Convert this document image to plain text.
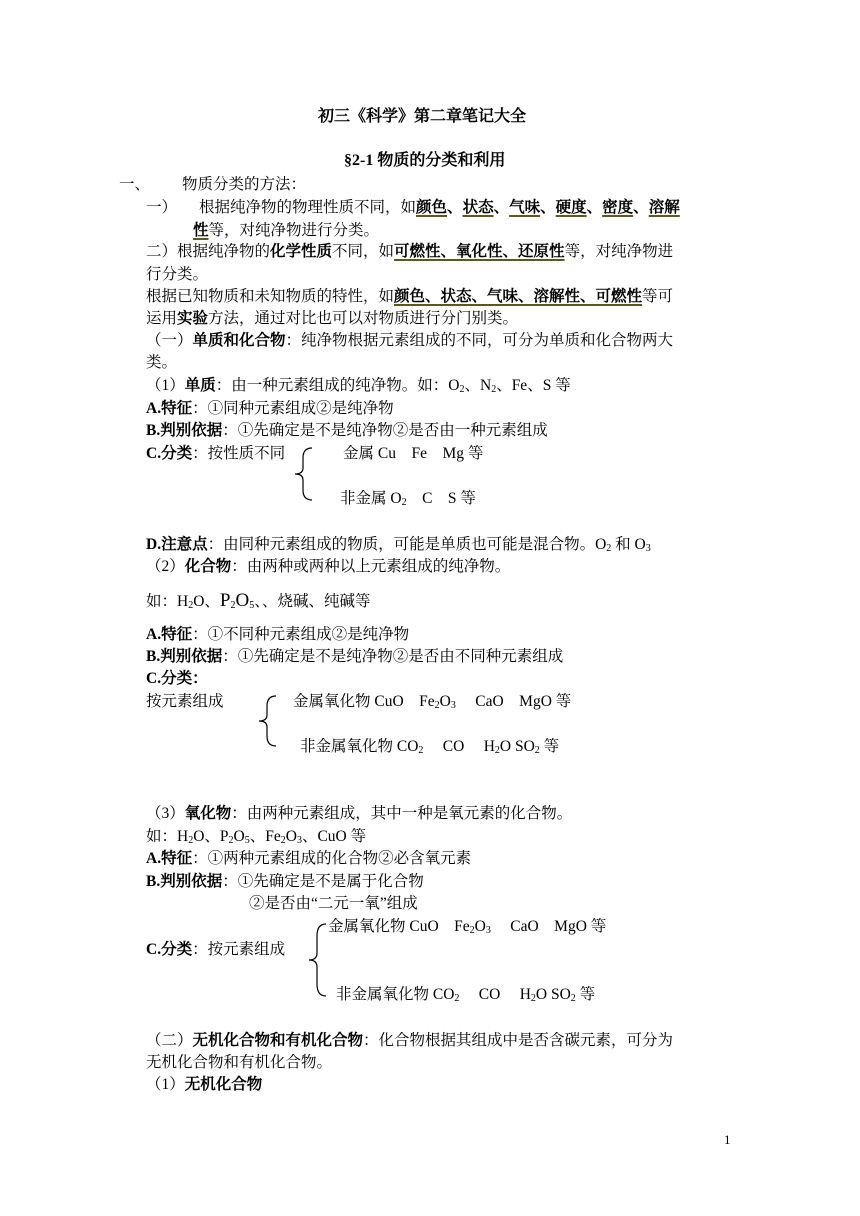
初三《科学》第二章笔记大全
§2-1 物质的分类和利用
一、 物质分类的方法：
一） 根据纯净物的物理性质不同，如颜色、状态、气味、硬度、密度、溶解
性等，对纯净物进行分类。
二）根据纯净物的化学性质不同，如可燃性、氧化性、还原性等，对纯净物进
行分类。
根据已知物质和未知物质的特性，如颜色、状态、气味、溶解性、可燃性等可
运用实验方法，通过对比也可以对物质进行分门别类。
（一）单质和化合物：纯净物根据元素组成的不同，可分为单质和化合物两大
类。
（1）单质：由一种元素组成的纯净物。如：$O_2$、$N_2$、Fe、S 等
A.特征：①同种元素组成②是纯净物
B.判别依据：①先确定是不是纯净物②是否由一种元素组成
C.分类：按性质不同	金属 Cu　Fe　Mg 等
非金属 $O_2$　C　S 等
D.注意点：由同种元素组成的物质，可能是单质也可能是混合物。$O_2$ 和 $O_3$
（2）化合物：由两种或两种以上元素组成的纯净物。
如：$H_2O$、$P_2O_5$、、烧碱、纯碱等
A.特征：①不同种元素组成②是纯净物
B.判别依据：①先确定是不是纯净物②是否由不同种元素组成
C.分类：
按元素组成	金属氧化物 CuO　$Fe_2O_3$　 CaO　MgO 等
非金属氧化物 $CO_2$　 CO　 $H_2O$ $SO_2$ 等
（3）氧化物：由两种元素组成，其中一种是氧元素的化合物。
如：$H_2O$、$P_2O_5$、$Fe_2O_3$、CuO 等
A.特征：①两种元素组成的化合物②必含氧元素
B.判别依据：①先确定是不是属于化合物
②是否由“二元一氧”组成
金属氧化物 CuO　$Fe_2O_3$　 CaO　MgO 等
C.分类：按元素组成
非金属氧化物 $CO_2$　 CO　 $H_2O$ $SO_2$ 等
（二）无机化合物和有机化合物：化合物根据其组成中是否含碳元素，可分为
无机化合物和有机化合物。
（1）无机化合物
1
